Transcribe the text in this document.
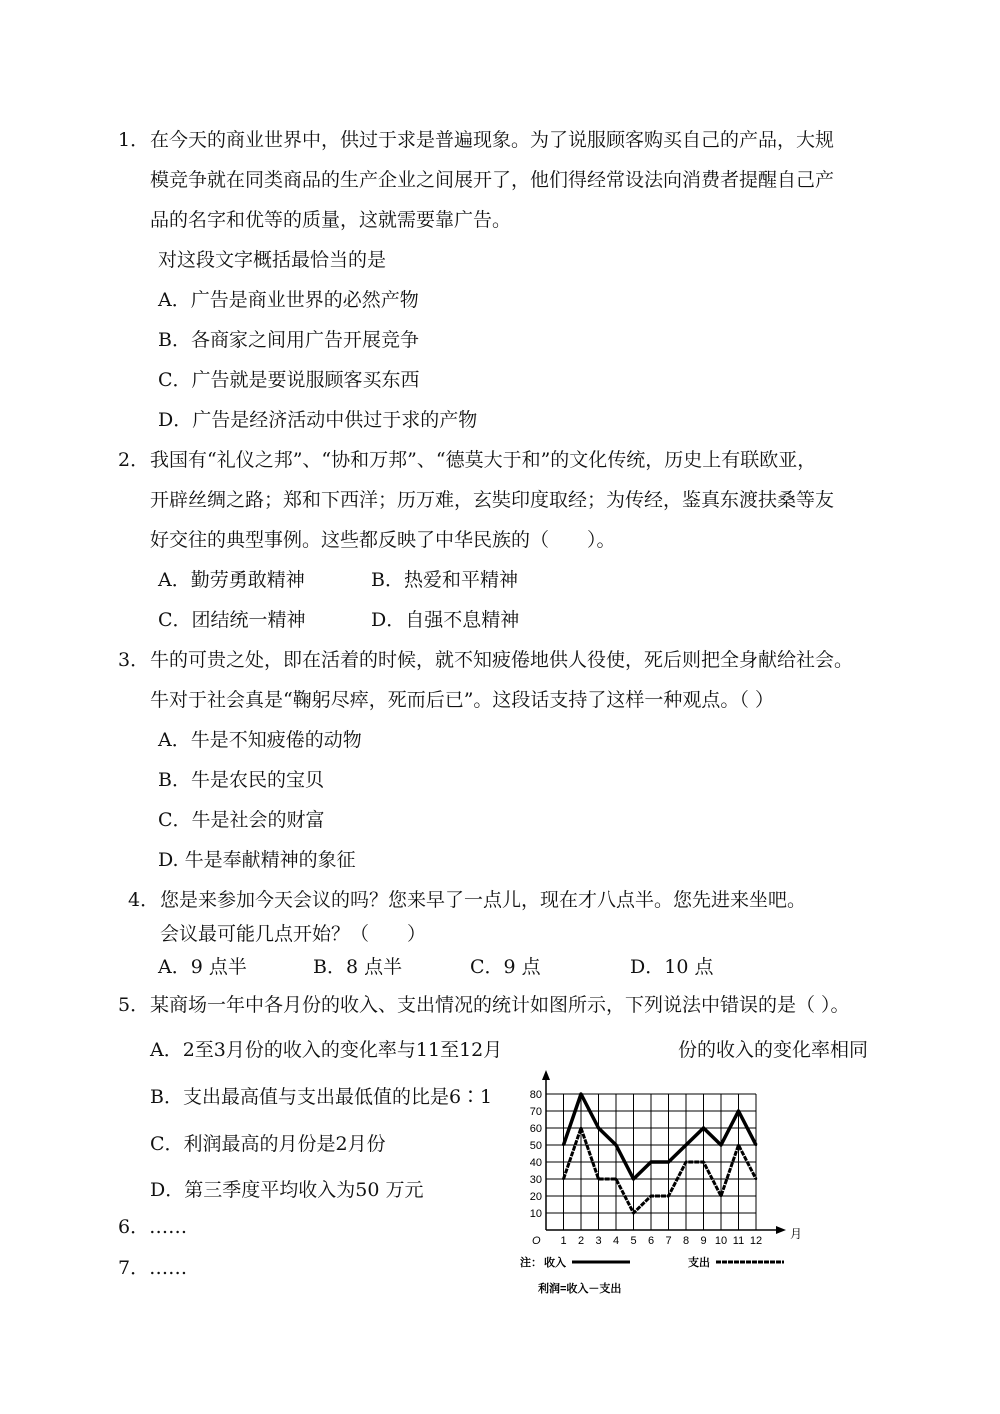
1． 在今天的商业世界中，供过于求是普遍现象。为了说服顾客购买自己的产品，大规
模竞争就在同类商品的生产企业之间展开了，他们得经常设法向消费者提醒自己产
品的名字和优等的质量，这就需要靠广告。
对这段文字概括最恰当的是
A．广告是商业世界的必然产物
B．各商家之间用广告开展竞争
C．广告就是要说服顾客买东西
D．广告是经济活动中供过于求的产物
2． 我国有“礼仪之邦”、“协和万邦”、“德莫大于和”的文化传统，历史上有联欧亚，
开辟丝绸之路；郑和下西洋；历万难，玄奘印度取经；为传经，鉴真东渡扶桑等友
好交往的典型事例。这些都反映了中华民族的（　　）。
A．勤劳勇敢精神	B．热爱和平精神
C．团结统一精神	D．自强不息精神
3． 牛的可贵之处，即在活着的时候，就不知疲倦地供人役使，死后则把全身献给社会。
牛对于社会真是“鞠躬尽瘁，死而后已”。这段话支持了这样一种观点。（ ）
A．牛是不知疲倦的动物
B．牛是农民的宝贝
C．牛是社会的财富
D. 牛是奉献精神的象征
4． 您是来参加今天会议的吗？您来早了一点儿，现在才八点半。您先进来坐吧。
会议最可能几点开始？（　　）
A．9 点半	B．8 点半	C．9 点	D．10 点
5． 某商场一年中各月份的收入、支出情况的统计如图所示，下列说法中错误的是（ ）。
A．2至3月份的收入的变化率与11至12月	份的收入的变化率相同
B．支出最高值与支出最低值的比是6∶1
C．利润最高的月份是2月份
D．第三季度平均收入为50 万元
6．……
7．……
1 2 3 4 5 6 7 8 9 10 11 12
10
20
30
40
50
60
70
80
O	月
注： 收入	支出
利润=收入－支出
